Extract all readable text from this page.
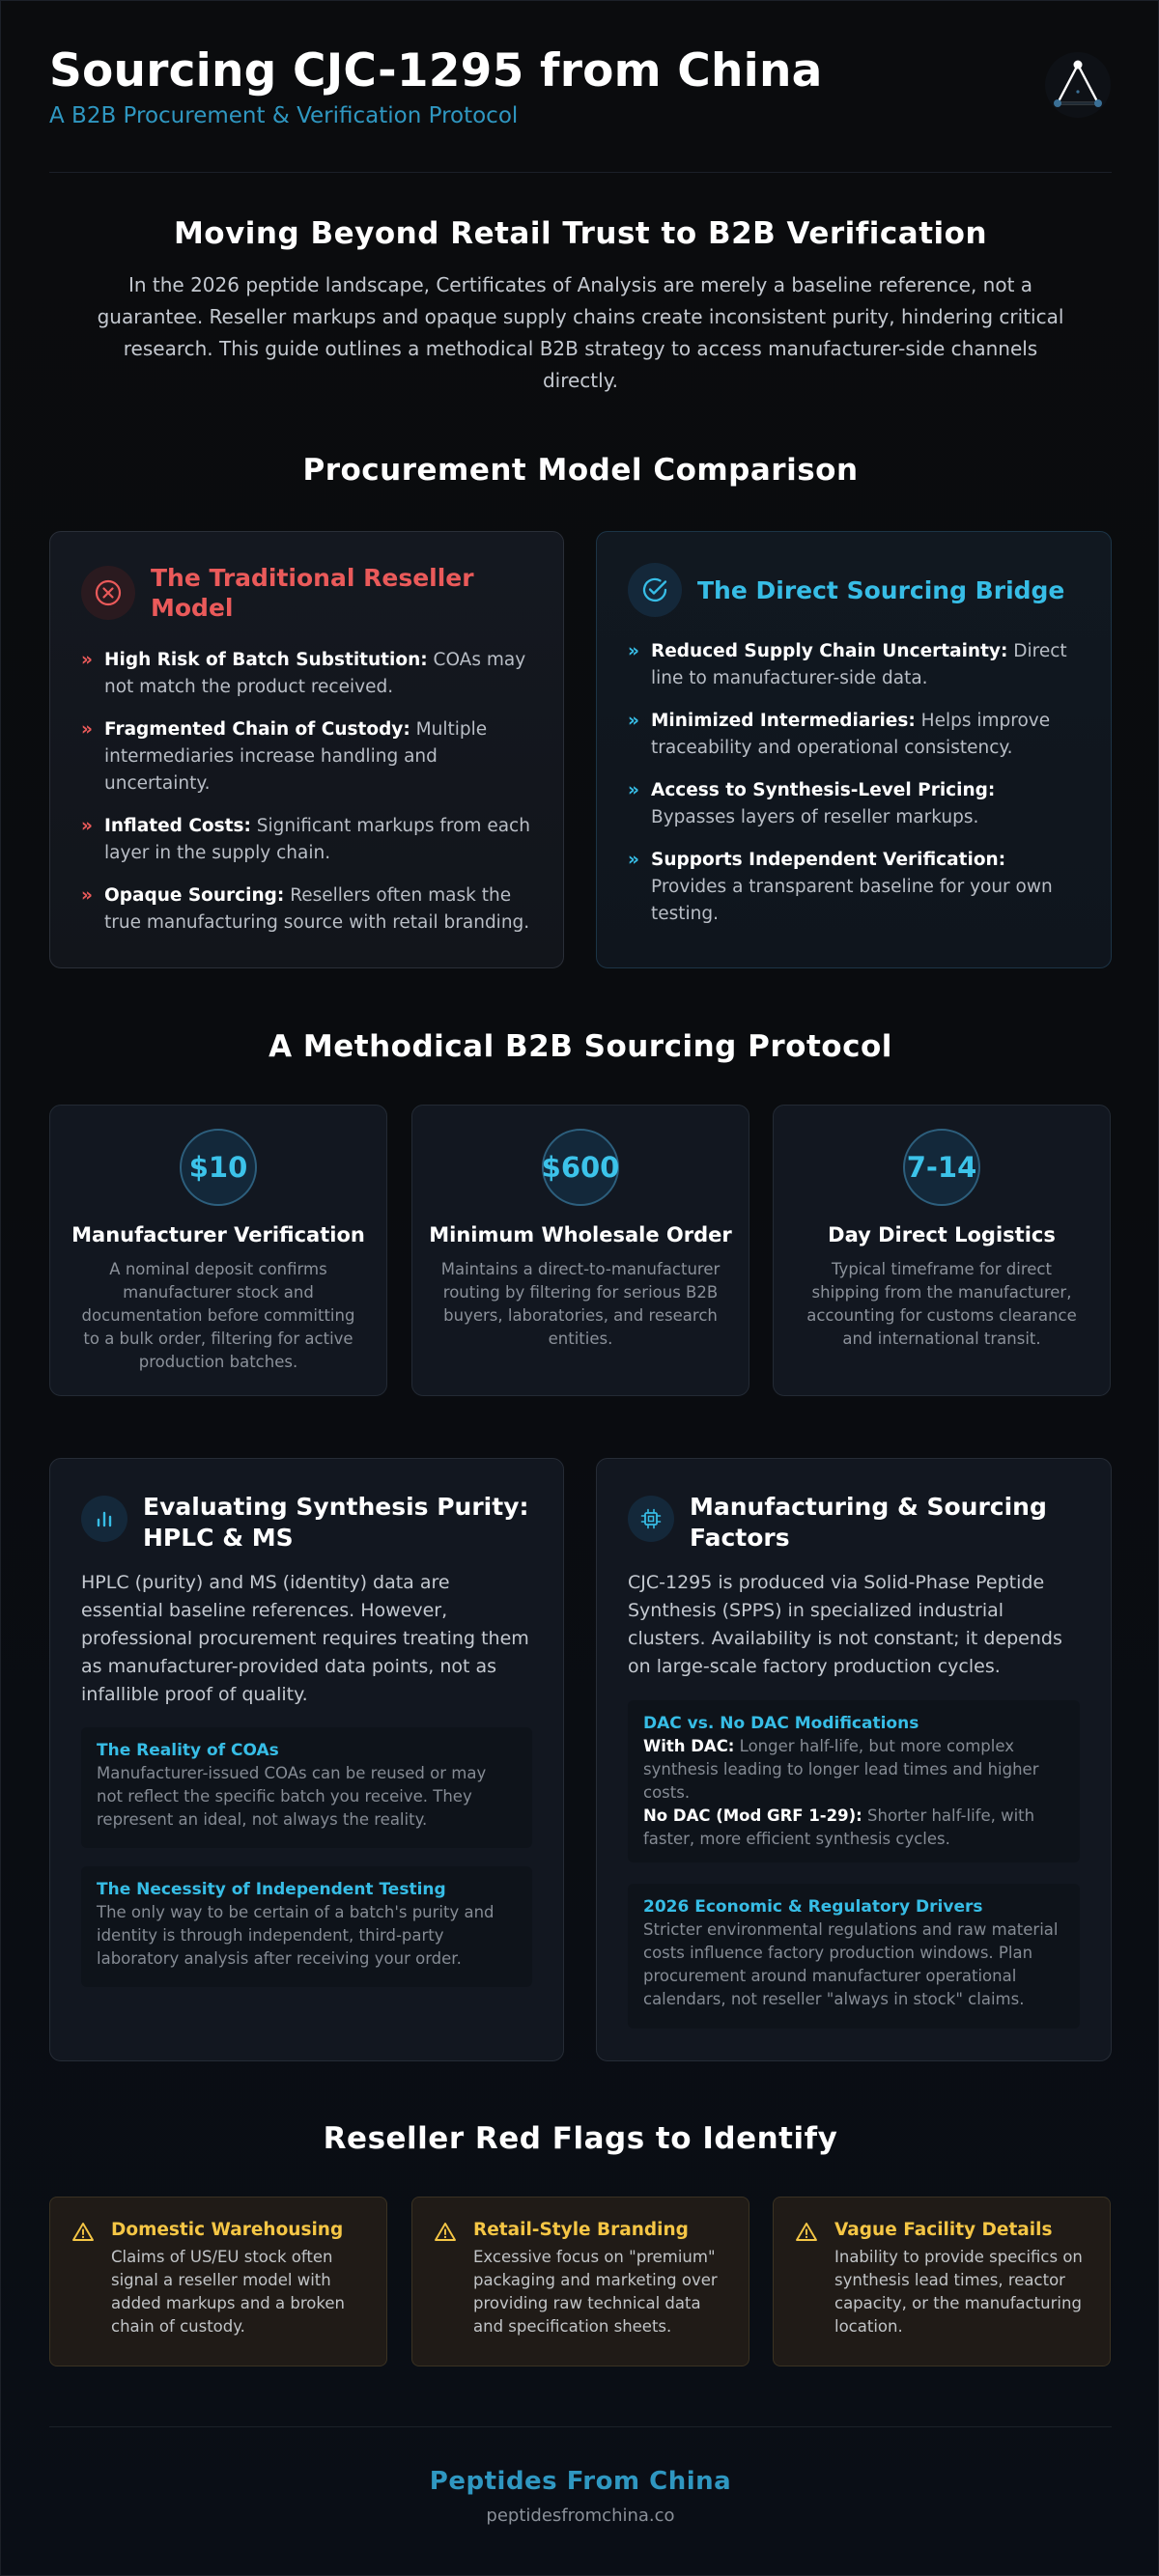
Sourcing CJC-1295 from China
A B2B Procurement & Verification Protocol
Moving Beyond Retail Trust to B2B Verification
In the 2026 peptide landscape, Certificates of Analysis are merely a baseline reference, not a guarantee. Reseller markups and opaque supply chains create inconsistent purity, hindering critical research. This guide outlines a methodical B2B strategy to access manufacturer-side channels directly.
Procurement Model Comparison
The Traditional Reseller Model
» High Risk of Batch Substitution: COAs may not match the product received.
» Fragmented Chain of Custody: Multiple intermediaries increase handling and uncertainty.
» Inflated Costs: Significant markups from each layer in the supply chain.
» Opaque Sourcing: Resellers often mask the true manufacturing source with retail branding.
The Direct Sourcing Bridge
» Reduced Supply Chain Uncertainty: Direct line to manufacturer-side data.
» Minimized Intermediaries: Helps improve traceability and operational consistency.
» Access to Synthesis-Level Pricing: Bypasses layers of reseller markups.
» Supports Independent Verification: Provides a transparent baseline for your own testing.
A Methodical B2B Sourcing Protocol
$10
Manufacturer Verification

A nominal deposit confirms manufacturer stock and documentation before committing to a bulk order, filtering for active production batches.

$600
Minimum Wholesale Order

Maintains a direct-to-manufacturer routing by filtering for serious B2B buyers, laboratories, and research entities.

7-14
Day Direct Logistics

Typical timeframe for direct shipping from the manufacturer, accounting for customs clearance and international transit.

Evaluating Synthesis Purity: HPLC & MS
HPLC (purity) and MS (identity) data are essential baseline references. However, professional procurement requires treating them as manufacturer-provided data points, not as infallible proof of quality.
The Reality of COAs
Manufacturer-issued COAs can be reused or may not reflect the specific batch you receive. They represent an ideal, not always the reality.
The Necessity of Independent Testing
The only way to be certain of a batch's purity and identity is through independent, third-party laboratory analysis after receiving your order.
Manufacturing & Sourcing Factors
CJC-1295 is produced via Solid-Phase Peptide Synthesis (SPPS) in specialized industrial clusters. Availability is not constant; it depends on large-scale factory production cycles.
DAC vs. No DAC Modifications
With DAC: Longer half-life, but more complex synthesis leading to longer lead times and higher costs.
No DAC (Mod GRF 1-29): Shorter half-life, with faster, more efficient synthesis cycles.
2026 Economic & Regulatory Drivers
Stricter environmental regulations and raw material costs influence factory production windows. Plan procurement around manufacturer operational calendars, not reseller "always in stock" claims.
Reseller Red Flags to Identify
Domestic Warehousing

Claims of US/EU stock often signal a reseller model with added markups and a broken chain of custody.

Retail-Style Branding

Excessive focus on "premium" packaging and marketing over providing raw technical data and specification sheets.

Vague Facility Details

Inability to provide specifics on synthesis lead times, reactor capacity, or the manufacturing location.

Peptides From China
peptidesfromchina.co
